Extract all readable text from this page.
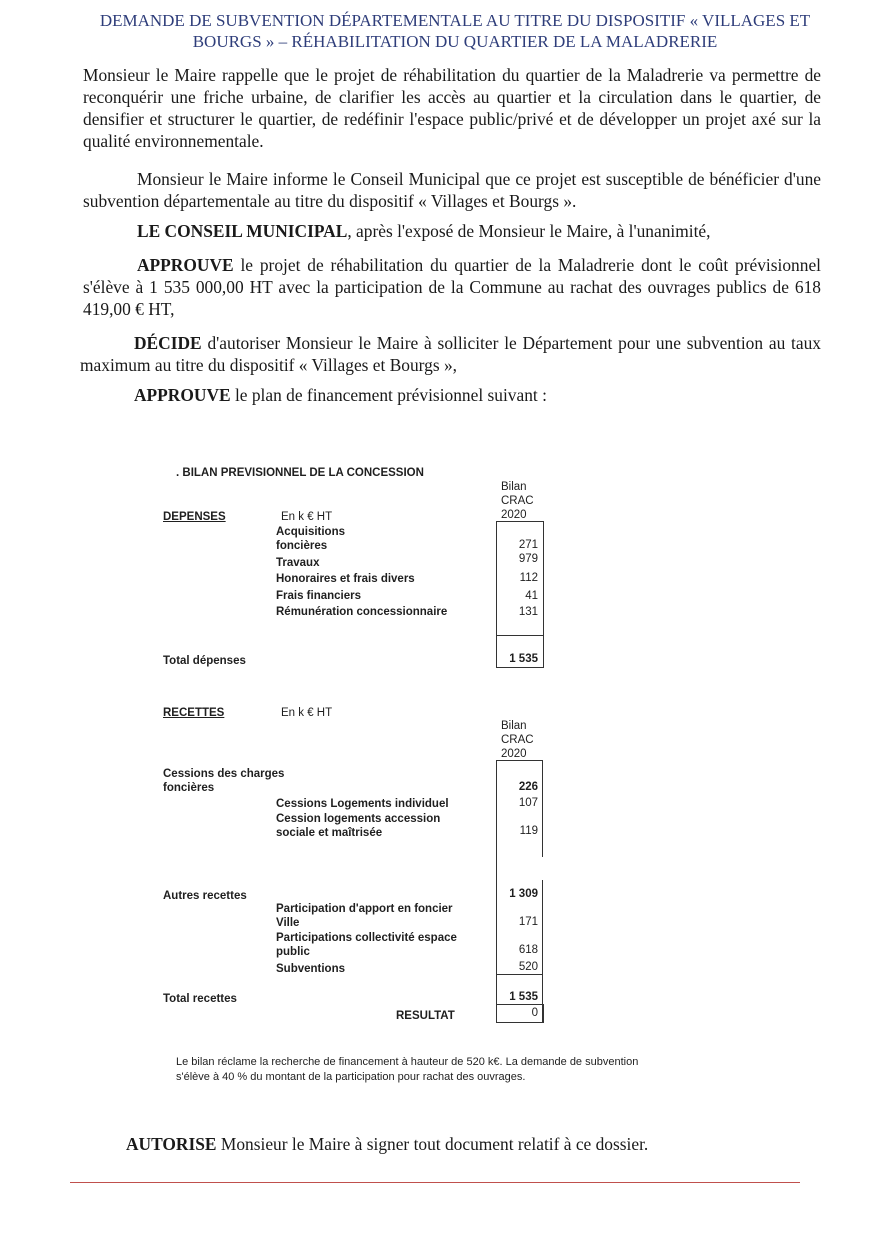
DEMANDE DE SUBVENTION DÉPARTEMENTALE AU TITRE DU DISPOSITIF « VILLAGES ET
BOURGS » – RÉHABILITATION DU QUARTIER DE LA MALADRERIE
Monsieur le Maire rappelle que le projet de réhabilitation du quartier de la Maladrerie va permettre de reconquérir une friche urbaine, de clarifier les accès au quartier et la circulation dans le quartier, de densifier et structurer le quartier, de redéfinir l'espace public/privé et de développer un projet axé sur la qualité environnementale.
Monsieur le Maire informe le Conseil Municipal que ce projet est susceptible de bénéficier d'une subvention départementale au titre du dispositif « Villages et Bourgs ».
LE CONSEIL MUNICIPAL, après l'exposé de Monsieur le Maire, à l'unanimité,
APPROUVE le projet de réhabilitation du quartier de la Maladrerie dont le coût prévisionnel s'élève à 1 535 000,00 HT avec la participation de la Commune au rachat des ouvrages publics de 618 419,00 € HT,
DÉCIDE d'autoriser Monsieur le Maire à solliciter le Département pour une subvention au taux maximum au titre du dispositif « Villages et Bourgs »,
APPROUVE le plan de financement prévisionnel suivant :
. BILAN PREVISIONNEL DE LA CONCESSION
Bilan
CRAC
2020
DEPENSES	En k € HT
Acquisitions
foncières	271
Travaux	979
Honoraires et frais divers	112
Frais financiers	41
Rémunération concessionnaire	131
Total dépenses	1 535
RECETTES	En k € HT
Bilan
CRAC
2020
Cessions des charges
foncières	226
Cessions Logements individuel	107
Cession logements accession
sociale et maîtrisée	119
Autres recettes	1 309
Participation d'apport en foncier
Ville	171
Participations collectivité espace
public	618
Subventions	520
Total recettes	1 535
RESULTAT	0
Le bilan réclame la recherche de financement à hauteur de 520 k€. La demande de subvention
s'élève à 40 % du montant de la participation pour rachat des ouvrages.
AUTORISE Monsieur le Maire à signer tout document relatif à ce dossier.
